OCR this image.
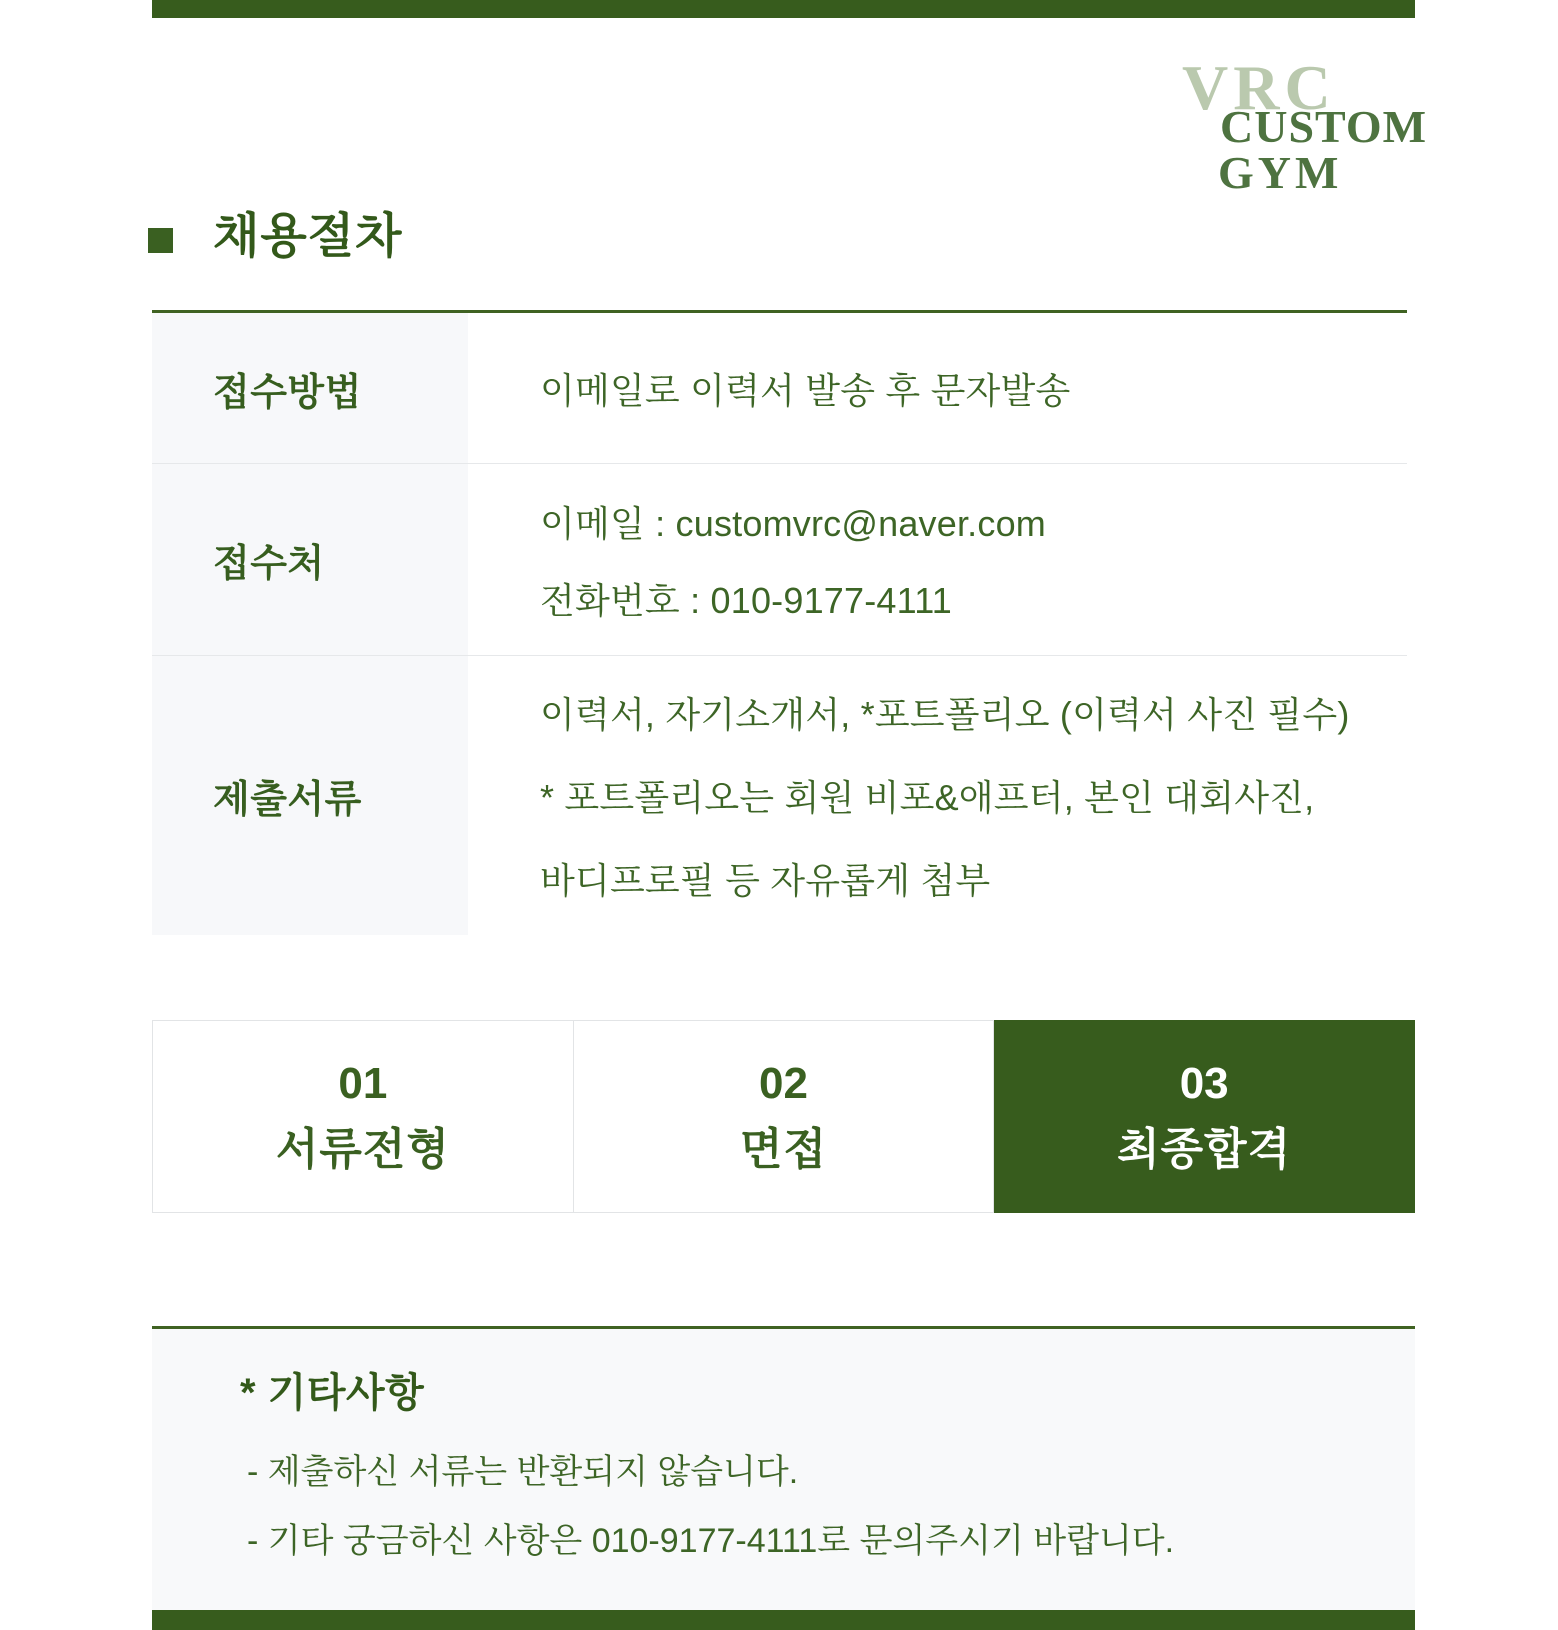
VRC
CUSTOM
GYM
채용절차
접수방법	이메일로 이력서 발송 후 문자발송
접수처
이메일 : customvrc@naver.com
전화번호 : 010-9177-4111
제출서류
이력서, 자기소개서, *포트폴리오 (이력서 사진 필수)
* 포트폴리오는 회원 비포&애프터, 본인 대회사진,
바디프로필 등 자유롭게 첨부
01
서류전형
02
면접
03
최종합격
* 기타사항
- 제출하신 서류는 반환되지 않습니다.
- 기타 궁금하신 사항은 010-9177-4111로 문의주시기 바랍니다.
